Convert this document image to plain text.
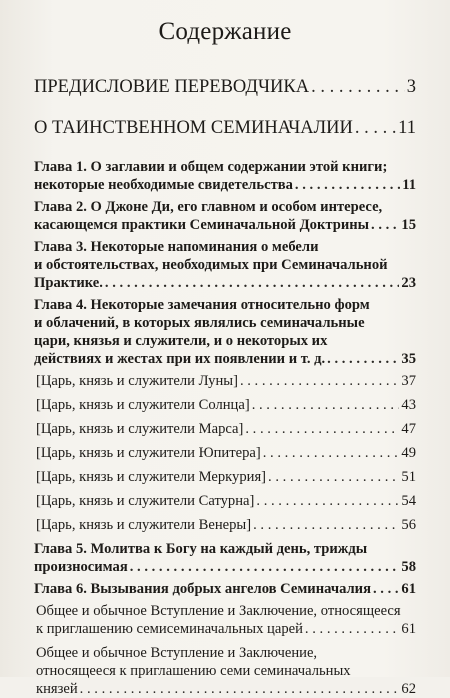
Содержание
ПРЕДИСЛОВИЕ ПЕРЕВОДЧИКА . . .	3
О ТАИНСТВЕННОМ СЕМИНАЧАЛИИ . . . 11
Глава 1. О заглавии и общем содержании этой книги;
некоторые необходимые свидетельства . . .	11
Глава 2. О Джоне Ди, его главном и особом интересе,
касающемся практики Семиначальной Доктрины . . . 15
Глава 3. Некоторые напоминания о мебели
и обстоятельствах, необходимых при Семиначальной
Практике. . . .	23
Глава 4. Некоторые замечания относительно форм
и облачений, в которых являлись семиначальные
цари, князья и служители, и о некоторых их
действиях и жестах при их появлении и т. д. . . .	35
[Царь, князь и служители Луны] . . .	37
[Царь, князь и служители Солнца] . . .	43
[Царь, князь и служители Марса] . . .	47
[Царь, князь и служители Юпитера] . . .	49
[Царь, князь и служители Меркурия] . . .	51
[Царь, князь и служители Сатурна] . . .	54
[Царь, князь и служители Венеры] . . .	56
Глава 5. Молитва к Богу на каждый день, трижды
произносимая . . .	58
Глава 6. Вызывания добрых ангелов Семиначалия . . . 61
Общее и обычное Вступление и Заключение, относящееся
к приглашению семисеминачальных царей . . .	61
Общее и обычное Вступление и Заключение,
относящееся к приглашению семи семиначальных
князей . . .	62
